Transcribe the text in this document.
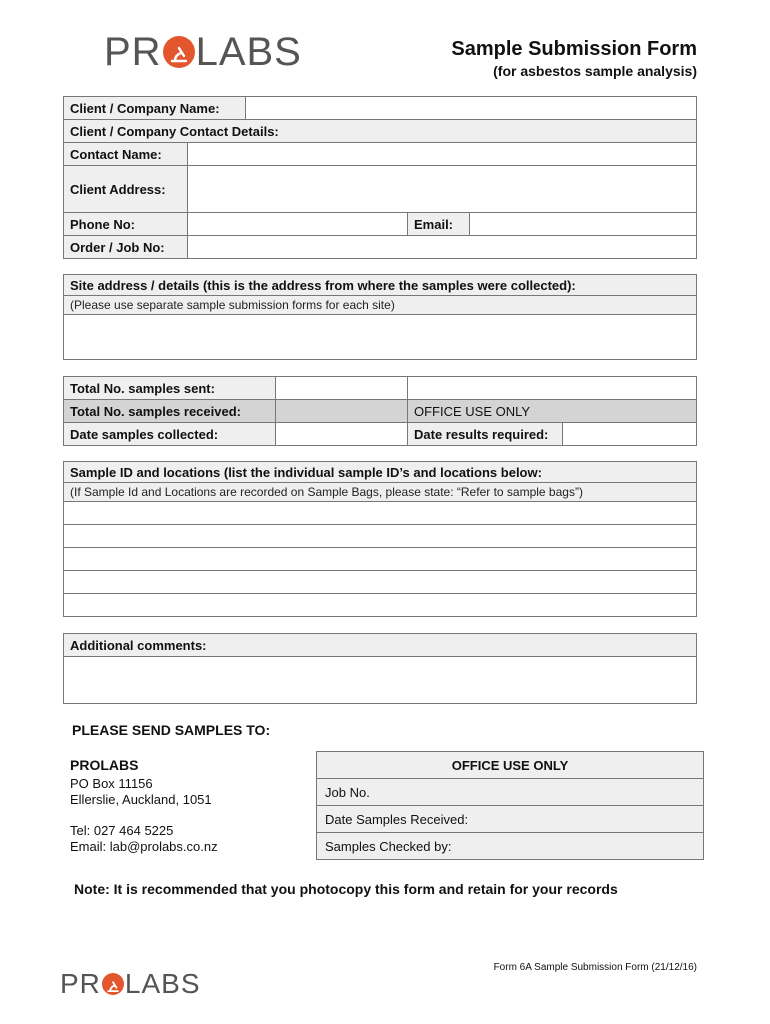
PR LABS	Sample Submission Form
(for asbestos sample analysis)
Client / Company Name:				
Client / Company Contact Details:				
Contact Name:				
Client Address:				
Phone No:			Email:	
Order / Job No:				
Site address / details (this is the address from where the samples were collected):
(Please use separate sample submission forms for each site)

Total No. samples sent:			
Total No. samples received:		OFFICE USE ONLY	
Date samples collected:		Date results required:	
Sample ID and locations (list the individual sample ID’s and locations below:
(If Sample Id and Locations are recorded on Sample Bags, please state: “Refer to sample bags”)

Additional comments:

PLEASE SEND SAMPLES TO:
PROLABS
PO Box 11156
Ellerslie, Auckland, 1051
Tel: 027 464 5225
Email: lab@prolabs.co.nz
OFFICE USE ONLY
Job No.
Date Samples Received:
Samples Checked by:
Note: It is recommended that you photocopy this form and retain for your records
Form 6A Sample Submission Form (21/12/16)
PR LABS
